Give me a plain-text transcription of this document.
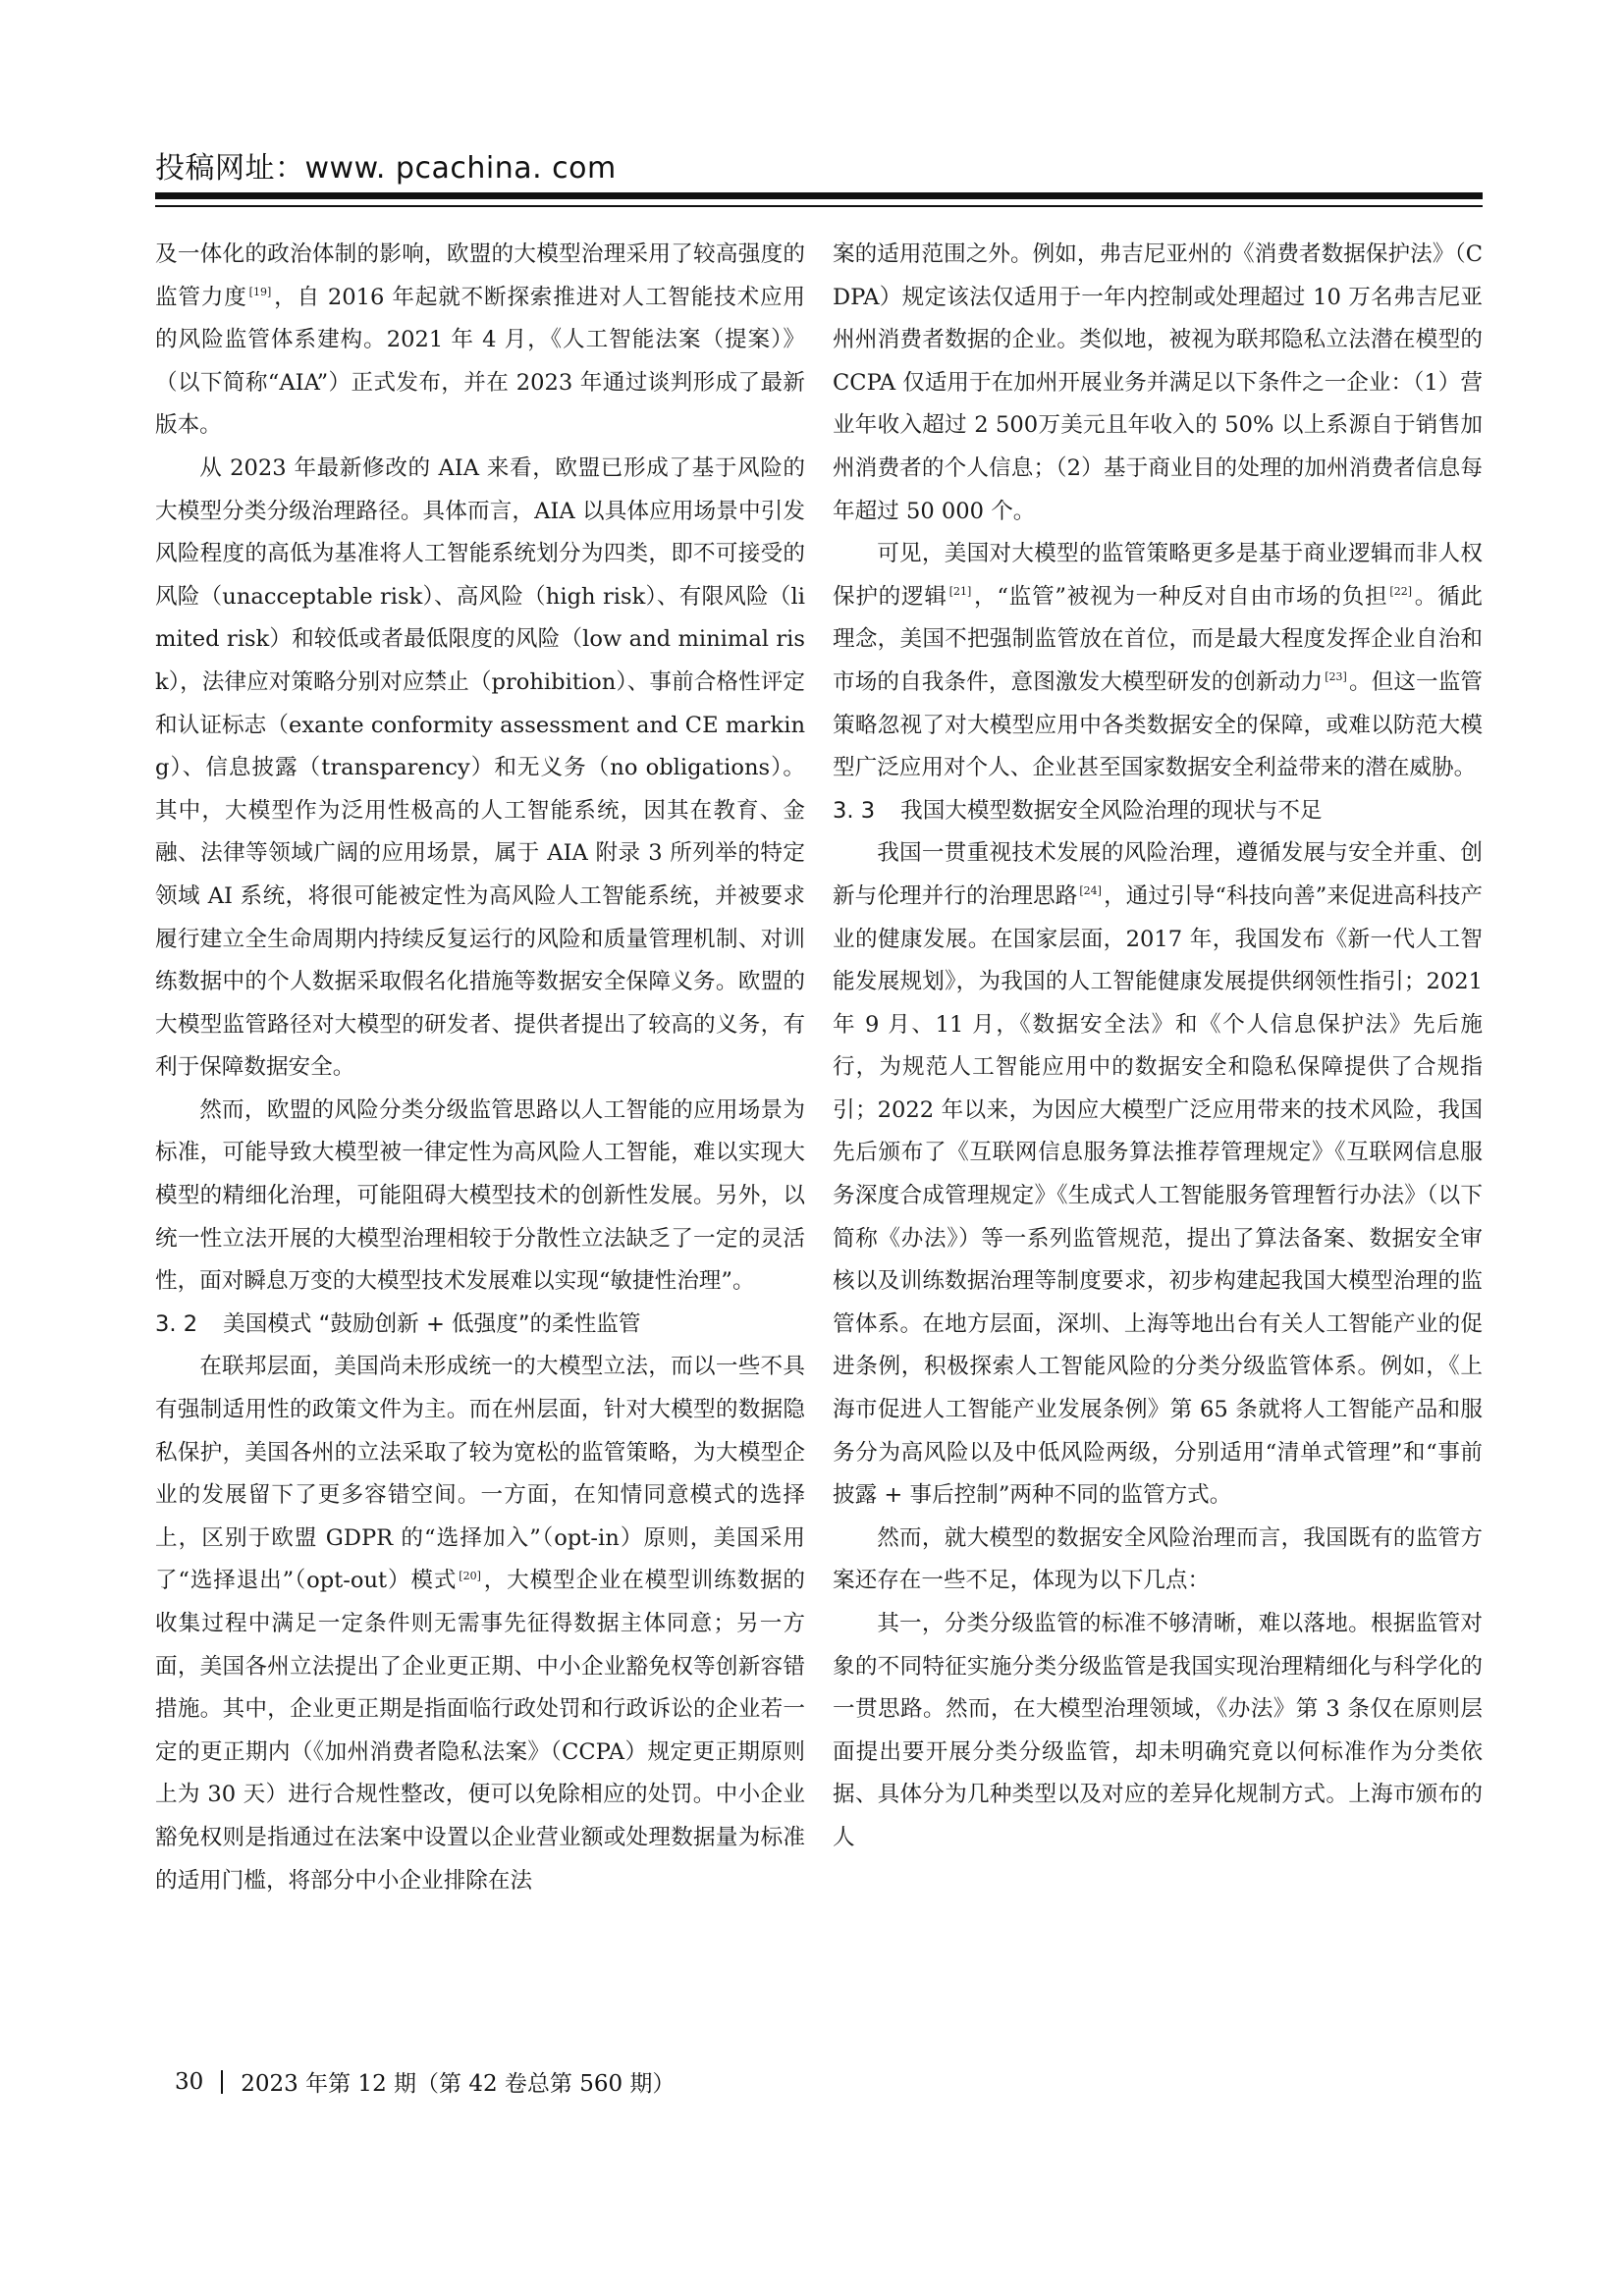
投稿网址：www. pcachina. com

及一体化的政治体制的影响，欧盟的大模型治理采用了较高强度的监管力度 [19]，自 2016 年起就不断探索推进对人工智能技术应用的风险监管体系建构。2021 年 4 月，《人工智能法案（提案）》（以下简称“AIA”）正式发布，并在 2023 年通过谈判形成了最新版本。

从 2023 年最新修改的 AIA 来看，欧盟已形成了基于风险的大模型分类分级治理路径。具体而言，AIA 以具体应用场景中引发风险程度的高低为基准将人工智能系统划分为四类，即不可接受的风险（unacceptable risk）、高风险（high risk）、有限风险（limited risk）和较低或者最低限度的风险（low and minimal risk），法律应对策略分别对应禁止（prohibition）、事前合格性评定和认证标志（exante conformity assessment and CE marking）、信息披露（transparency）和无义务（no obligations）。其中，大模型作为泛用性极高的人工智能系统，因其在教育、金融、法律等领域广阔的应用场景，属于 AIA 附录 3 所列举的特定领域 AI 系统，将很可能被定性为高风险人工智能系统，并被要求履行建立全生命周期内持续反复运行的风险和质量管理机制、对训练数据中的个人数据采取假名化措施等数据安全保障义务。欧盟的大模型监管路径对大模型的研发者、提供者提出了较高的义务，有利于保障数据安全。

然而，欧盟的风险分类分级监管思路以人工智能的应用场景为标准，可能导致大模型被一律定性为高风险人工智能，难以实现大模型的精细化治理，可能阻碍大模型技术的创新性发展。另外，以统一性立法开展的大模型治理相较于分散性立法缺乏了一定的灵活性，面对瞬息万变的大模型技术发展难以实现“敏捷性治理”。

3. 2 美国模式 “鼓励创新 + 低强度”的柔性监管

在联邦层面，美国尚未形成统一的大模型立法，而以一些不具有强制适用性的政策文件为主。而在州层面，针对大模型的数据隐私保护，美国各州的立法采取了较为宽松的监管策略，为大模型企业的发展留下了更多容错空间。一方面，在知情同意模式的选择上，区别于欧盟 GDPR 的“选择加入”（opt-in）原则，美国采用了“选择退出”（opt-out）模式 [20]，大模型企业在模型训练数据的收集过程中满足一定条件则无需事先征得数据主体同意；另一方面，美国各州立法提出了企业更正期、中小企业豁免权等创新容错措施。其中，企业更正期是指面临行政处罚和行政诉讼的企业若一定的更正期内（《加州消费者隐私法案》（CCPA）规定更正期原则上为 30 天）进行合规性整改，便可以免除相应的处罚。中小企业豁免权则是指通过在法案中设置以企业营业额或处理数据量为标准的适用门槛，将部分中小企业排除在法

案的适用范围之外。例如，弗吉尼亚州的《消费者数据保护法》（CDPA）规定该法仅适用于一年内控制或处理超过 10 万名弗吉尼亚州州消费者数据的企业。类似地，被视为联邦隐私立法潜在模型的 CCPA 仅适用于在加州开展业务并满足以下条件之一企业：（1）营业年收入超过 2 500万美元且年收入的 50% 以上系源自于销售加州消费者的个人信息；（2）基于商业目的处理的加州消费者信息每年超过 50 000 个。

可见，美国对大模型的监管策略更多是基于商业逻辑而非人权保护的逻辑 [21]，“监管”被视为一种反对自由市场的负担 [22]。循此理念，美国不把强制监管放在首位，而是最大程度发挥企业自治和市场的自我条件，意图激发大模型研发的创新动力 [23]。但这一监管策略忽视了对大模型应用中各类数据安全的保障，或难以防范大模型广泛应用对个人、企业甚至国家数据安全利益带来的潜在威胁。

3. 3 我国大模型数据安全风险治理的现状与不足

我国一贯重视技术发展的风险治理，遵循发展与安全并重、创新与伦理并行的治理思路 [24]，通过引导“科技向善”来促进高科技产业的健康发展。在国家层面，2017 年，我国发布《新一代人工智能发展规划》，为我国的人工智能健康发展提供纲领性指引；2021 年 9 月、11 月，《数据安全法》和《个人信息保护法》先后施行，为规范人工智能应用中的数据安全和隐私保障提供了合规指引；2022 年以来，为因应大模型广泛应用带来的技术风险，我国先后颁布了《互联网信息服务算法推荐管理规定》《互联网信息服务深度合成管理规定》《生成式人工智能服务管理暂行办法》（以下简称《办法》）等一系列监管规范，提出了算法备案、数据安全审核以及训练数据治理等制度要求，初步构建起我国大模型治理的监管体系。在地方层面，深圳、上海等地出台有关人工智能产业的促进条例，积极探索人工智能风险的分类分级监管体系。例如，《上海市促进人工智能产业发展条例》第 65 条就将人工智能产品和服务分为高风险以及中低风险两级，分别适用“清单式管理”和“事前披露 + 事后控制”两种不同的监管方式。

然而，就大模型的数据安全风险治理而言，我国既有的监管方案还存在一些不足，体现为以下几点：

其一，分类分级监管的标准不够清晰，难以落地。根据监管对象的不同特征实施分类分级监管是我国实现治理精细化与科学化的一贯思路。然而，在大模型治理领域，《办法》第 3 条仅在原则层面提出要开展分类分级监管，却未明确究竟以何标准作为分类依据、具体分为几种类型以及对应的差异化规制方式。上海市颁布的人

30 2023 年第 12 期（第 42 卷总第 560 期）
